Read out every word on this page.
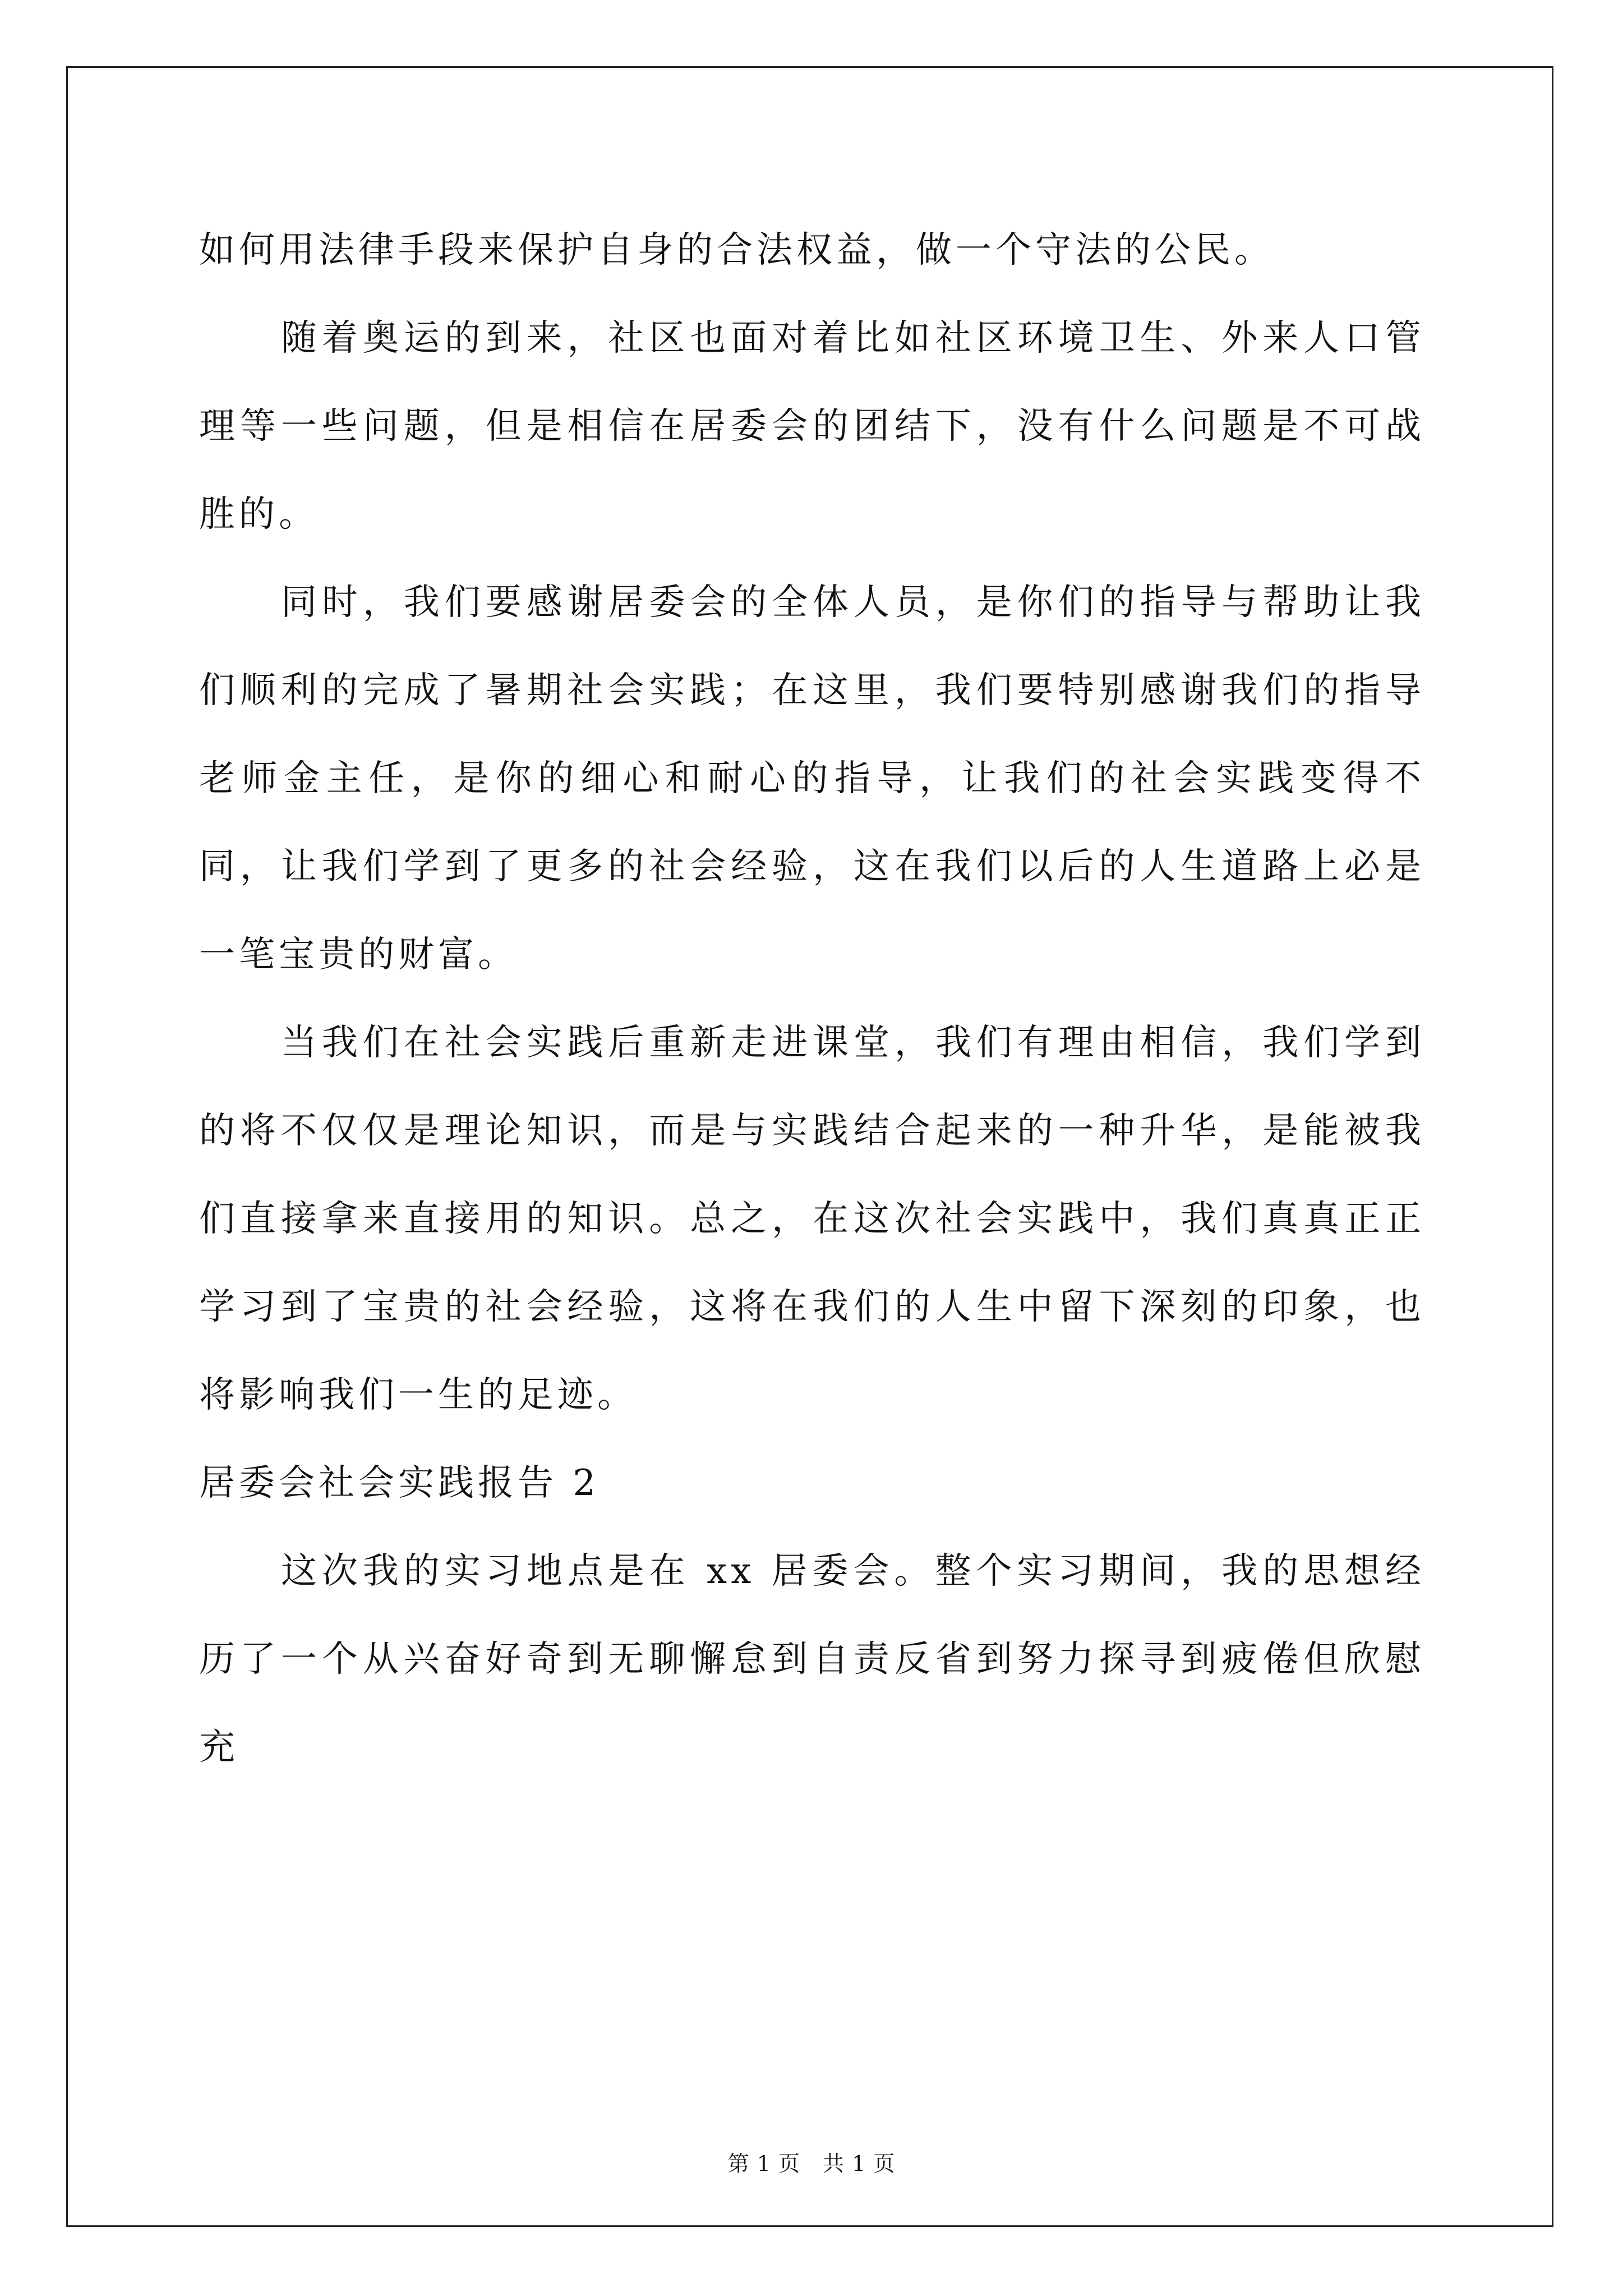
如何用法律手段来保护自身的合法权益，做一个守法的公民。

随着奥运的到来，社区也面对着比如社区环境卫生、外来人口管理等一些问题，但是相信在居委会的团结下，没有什么问题是不可战胜的。

同时，我们要感谢居委会的全体人员，是你们的指导与帮助让我们顺利的完成了暑期社会实践；在这里，我们要特别感谢我们的指导老师金主任，是你的细心和耐心的指导，让我们的社会实践变得不同，让我们学到了更多的社会经验，这在我们以后的人生道路上必是一笔宝贵的财富。

当我们在社会实践后重新走进课堂，我们有理由相信，我们学到的将不仅仅是理论知识，而是与实践结合起来的一种升华，是能被我们直接拿来直接用的知识。总之，在这次社会实践中，我们真真正正学习到了宝贵的社会经验，这将在我们的人生中留下深刻的印象，也将影响我们一生的足迹。

居委会社会实践报告 2

这次我的实习地点是在 xx 居委会。整个实习期间，我的思想经历了一个从兴奋好奇到无聊懈怠到自责反省到努力探寻到疲倦但欣慰充

第 1 页 共 1 页
